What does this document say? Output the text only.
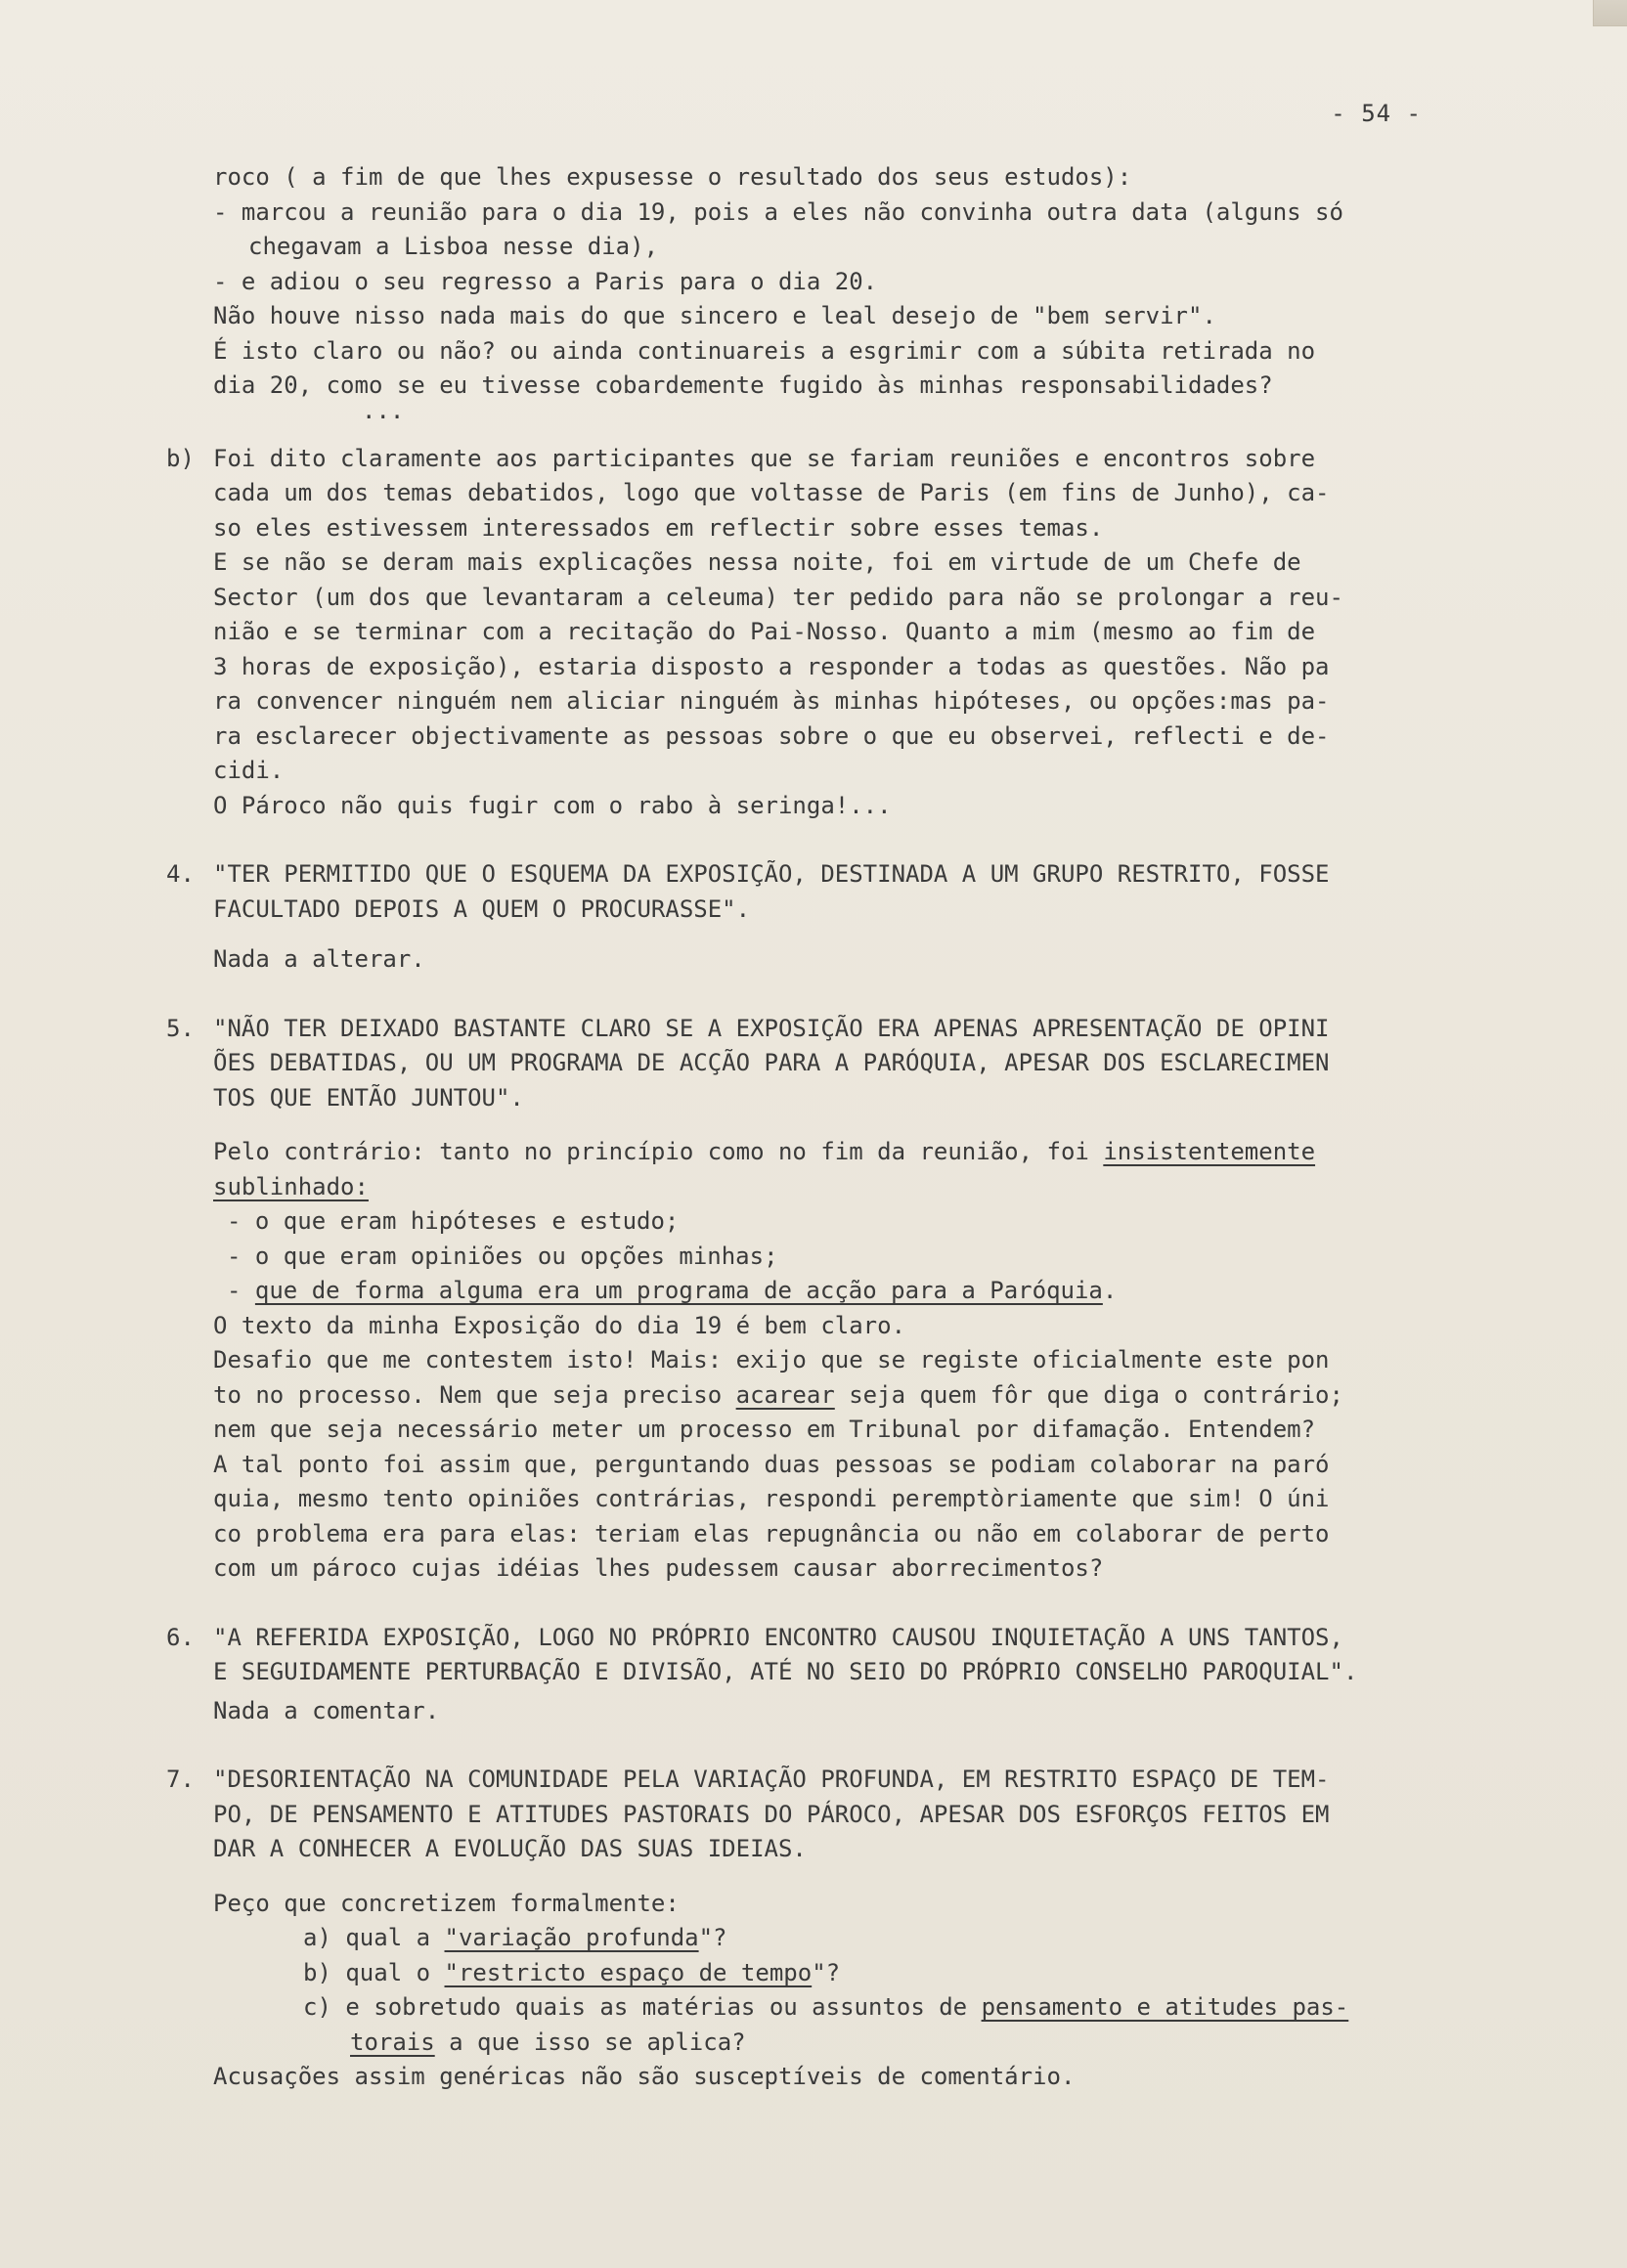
- 54 -
roco ( a fim de que lhes expusesse o resultado dos seus estudos):
- marcou a reunião para o dia 19, pois a eles não convinha outra data (alguns só
chegavam a Lisboa nesse dia),
- e adiou o seu regresso a Paris para o dia 20.
Não houve nisso nada mais do que sincero e leal desejo de "bem servir".
É isto claro ou não? ou ainda continuareis a esgrimir com a súbita retirada no
dia 20, como se eu tivesse cobardemente fugido às minhas responsabilidades?
...
b) Foi dito claramente aos participantes que se fariam reuniões e encontros sobre
cada um dos temas debatidos, logo que voltasse de Paris (em fins de Junho), ca-
so eles estivessem interessados em reflectir sobre esses temas.
E se não se deram mais explicações nessa noite, foi em virtude de um Chefe de
Sector (um dos que levantaram a celeuma) ter pedido para não se prolongar a reu-
nião e se terminar com a recitação do Pai-Nosso. Quanto a mim (mesmo ao fim de
3 horas de exposição), estaria disposto a responder a todas as questões. Não pa
ra convencer ninguém nem aliciar ninguém às minhas hipóteses, ou opções:mas pa-
ra esclarecer objectivamente as pessoas sobre o que eu observei, reflecti e de-
cidi.
O Pároco não quis fugir com o rabo à seringa!...
4. "TER PERMITIDO QUE O ESQUEMA DA EXPOSIÇÃO, DESTINADA A UM GRUPO RESTRITO, FOSSE
FACULTADO DEPOIS A QUEM O PROCURASSE".
Nada a alterar.
5. "NÃO TER DEIXADO BASTANTE CLARO SE A EXPOSIÇÃO ERA APENAS APRESENTAÇÃO DE OPINI
ÕES DEBATIDAS, OU UM PROGRAMA DE ACÇÃO PARA A PARÓQUIA, APESAR DOS ESCLARECIMEN
TOS QUE ENTÃO JUNTOU".
Pelo contrário: tanto no princípio como no fim da reunião, foi insistentemente
sublinhado:
- o que eram hipóteses e estudo;
- o que eram opiniões ou opções minhas;
- que de forma alguma era um programa de acção para a Paróquia.
O texto da minha Exposição do dia 19 é bem claro.
Desafio que me contestem isto! Mais: exijo que se registe oficialmente este pon
to no processo. Nem que seja preciso acarear seja quem fôr que diga o contrário;
nem que seja necessário meter um processo em Tribunal por difamação. Entendem?
A tal ponto foi assim que, perguntando duas pessoas se podiam colaborar na paró
quia, mesmo tento opiniões contrárias, respondi peremptòriamente que sim! O úni
co problema era para elas: teriam elas repugnância ou não em colaborar de perto
com um pároco cujas idéias lhes pudessem causar aborrecimentos?
6. "A REFERIDA EXPOSIÇÃO, LOGO NO PRÓPRIO ENCONTRO CAUSOU INQUIETAÇÃO A UNS TANTOS,
E SEGUIDAMENTE PERTURBAÇÃO E DIVISÃO, ATÉ NO SEIO DO PRÓPRIO CONSELHO PAROQUIAL".
Nada a comentar.
7. "DESORIENTAÇÃO NA COMUNIDADE PELA VARIAÇÃO PROFUNDA, EM RESTRITO ESPAÇO DE TEM-
PO, DE PENSAMENTO E ATITUDES PASTORAIS DO PÁROCO, APESAR DOS ESFORÇOS FEITOS EM
DAR A CONHECER A EVOLUÇÃO DAS SUAS IDEIAS.
Peço que concretizem formalmente:
a) qual a "variação profunda"?
b) qual o "restricto espaço de tempo"?
c) e sobretudo quais as matérias ou assuntos de pensamento e atitudes pas-
torais a que isso se aplica?
Acusações assim genéricas não são susceptíveis de comentário.
